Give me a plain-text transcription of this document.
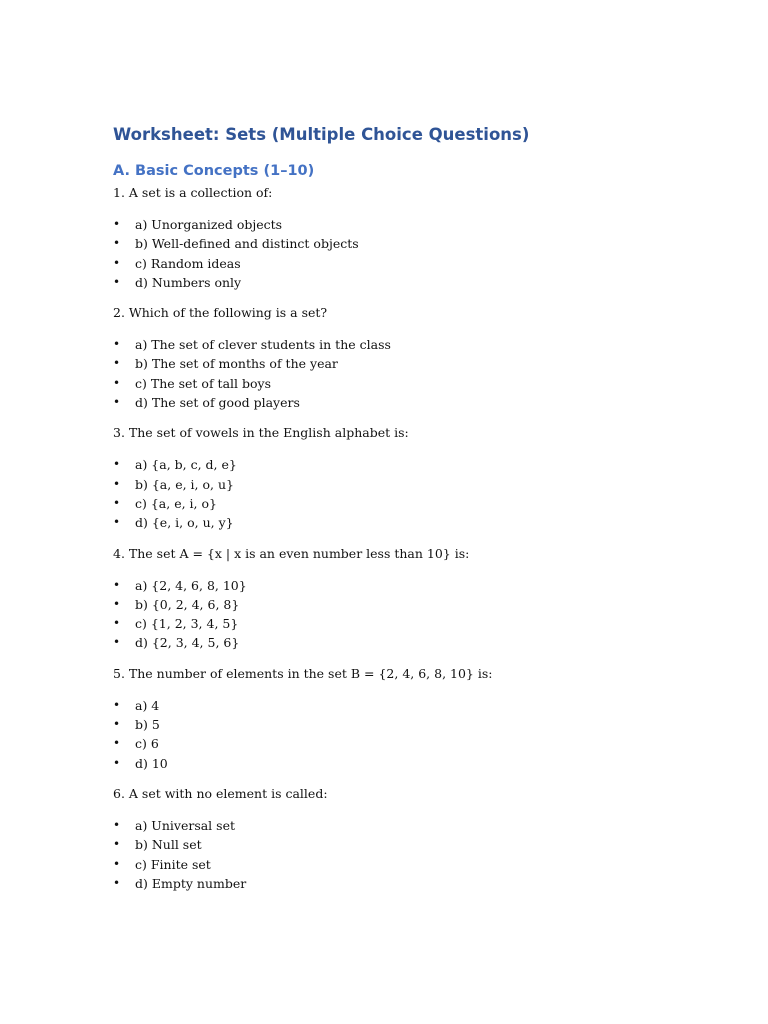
Worksheet: Sets (Multiple Choice Questions)
A. Basic Concepts (1–10)

1. A set is a collection of:

• a) Unorganized objects
• b) Well-defined and distinct objects
• c) Random ideas
• d) Numbers only

2. Which of the following is a set?

• a) The set of clever students in the class
• b) The set of months of the year
• c) The set of tall boys
• d) The set of good players

3. The set of vowels in the English alphabet is:

• a) {a, b, c, d, e}
• b) {a, e, i, o, u}
• c) {a, e, i, o}
• d) {e, i, o, u, y}

4. The set A = {x | x is an even number less than 10} is:

• a) {2, 4, 6, 8, 10}
• b) {0, 2, 4, 6, 8}
• c) {1, 2, 3, 4, 5}
• d) {2, 3, 4, 5, 6}

5. The number of elements in the set B = {2, 4, 6, 8, 10} is:

• a) 4
• b) 5
• c) 6
• d) 10

6. A set with no element is called:

• a) Universal set
• b) Null set
• c) Finite set
• d) Empty number
